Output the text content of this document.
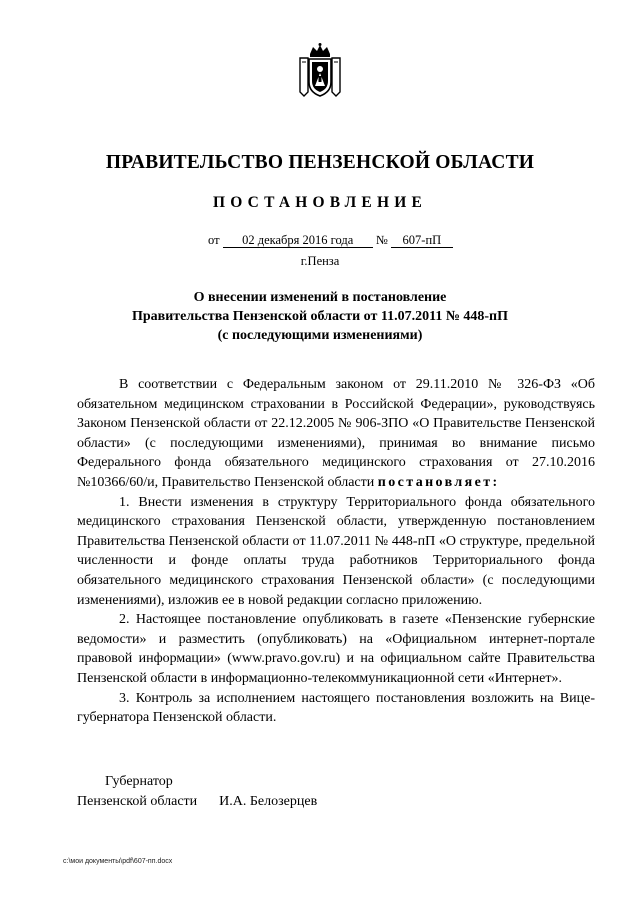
ПРАВИТЕЛЬСТВО ПЕНЗЕНСКОЙ ОБЛАСТИ
ПОСТАНОВЛЕНИЕ
от 02 декабря 2016 года № 607-пП
г.Пенза
О внесении изменений в постановление
Правительства Пензенской области от 11.07.2011 № 448-пП
(с последующими изменениями)

В соответствии с Федеральным законом от 29.11.2010 № 326-ФЗ «Об обязательном медицинском страховании в Российской Федерации», руководствуясь Законом Пензенской области от 22.12.2005 № 906-ЗПО «О Правительстве Пензенской области» (с последующими изменениями), принимая во внимание письмо Федерального фонда обязательного медицинского страхования от 27.10.2016 №10366/60/и, Правительство Пензенской области постановляет:

1. Внести изменения в структуру Территориального фонда обязательного медицинского страхования Пензенской области, утвержденную постановлением Правительства Пензенской области от 11.07.2011 № 448-пП «О структуре, предельной численности и фонде оплаты труда работников Территориального фонда обязательного медицинского страхования Пензенской области» (с последующими изменениями), изложив ее в новой редакции согласно приложению.

2. Настоящее постановление опубликовать в газете «Пензенские губернские ведомости» и разместить (опубликовать) на «Официальном интернет-портале правовой информации» (www.pravo.gov.ru) и на официальном сайте Правительства Пензенской области в информационно-телекоммуникационной сети «Интернет».

3. Контроль за исполнением настоящего постановления возложить на Вице-губернатора Пензенской области.

Губернатор
Пензенской области И.А. Белозерцев
c:\мои документы\pdf\607-пп.docx
